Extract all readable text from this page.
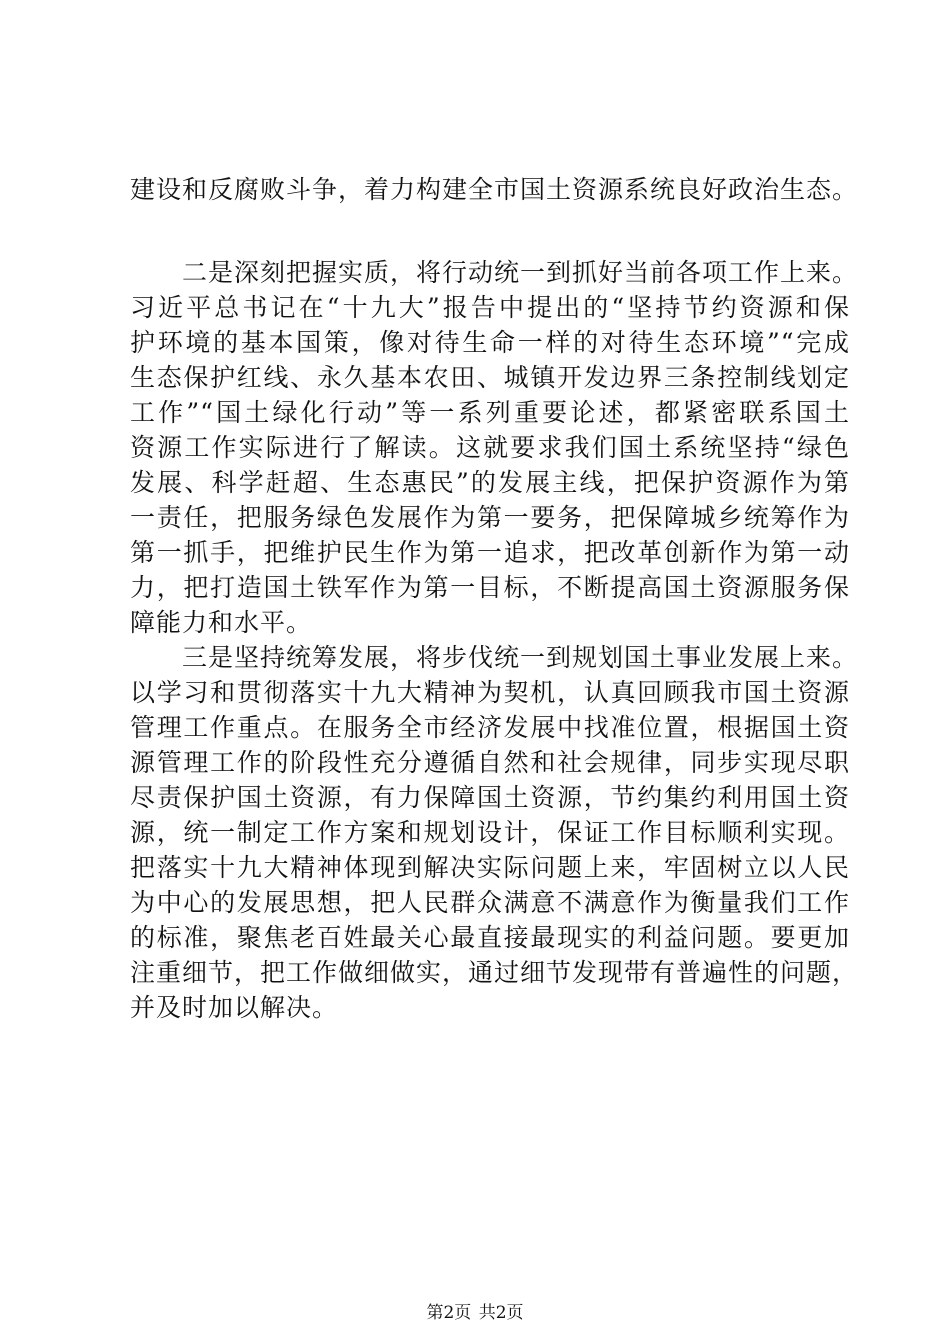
建设和反腐败斗争，着力构建全市国土资源系统良好政治生态。
二是深刻把握实质，将行动统一到抓好当前各项工作上来。
习近平总书记在“十九大”报告中提出的“坚持节约资源和保
护环境的基本国策，像对待生命一样的对待生态环境”“完成
生态保护红线、永久基本农田、城镇开发边界三条控制线划定
工作”“国土绿化行动”等一系列重要论述，都紧密联系国土
资源工作实际进行了解读。这就要求我们国土系统坚持“绿色
发展、科学赶超、生态惠民”的发展主线，把保护资源作为第
一责任，把服务绿色发展作为第一要务，把保障城乡统筹作为
第一抓手，把维护民生作为第一追求，把改革创新作为第一动
力，把打造国土铁军作为第一目标，不断提高国土资源服务保
障能力和水平。
三是坚持统筹发展，将步伐统一到规划国土事业发展上来。
以学习和贯彻落实十九大精神为契机，认真回顾我市国土资源
管理工作重点。在服务全市经济发展中找准位置，根据国土资
源管理工作的阶段性充分遵循自然和社会规律，同步实现尽职
尽责保护国土资源，有力保障国土资源，节约集约利用国土资
源，统一制定工作方案和规划设计，保证工作目标顺利实现。
把落实十九大精神体现到解决实际问题上来，牢固树立以人民
为中心的发展思想，把人民群众满意不满意作为衡量我们工作
的标准，聚焦老百姓最关心最直接最现实的利益问题。要更加
注重细节，把工作做细做实，通过细节发现带有普遍性的问题，
并及时加以解决。
第2页 共2页
